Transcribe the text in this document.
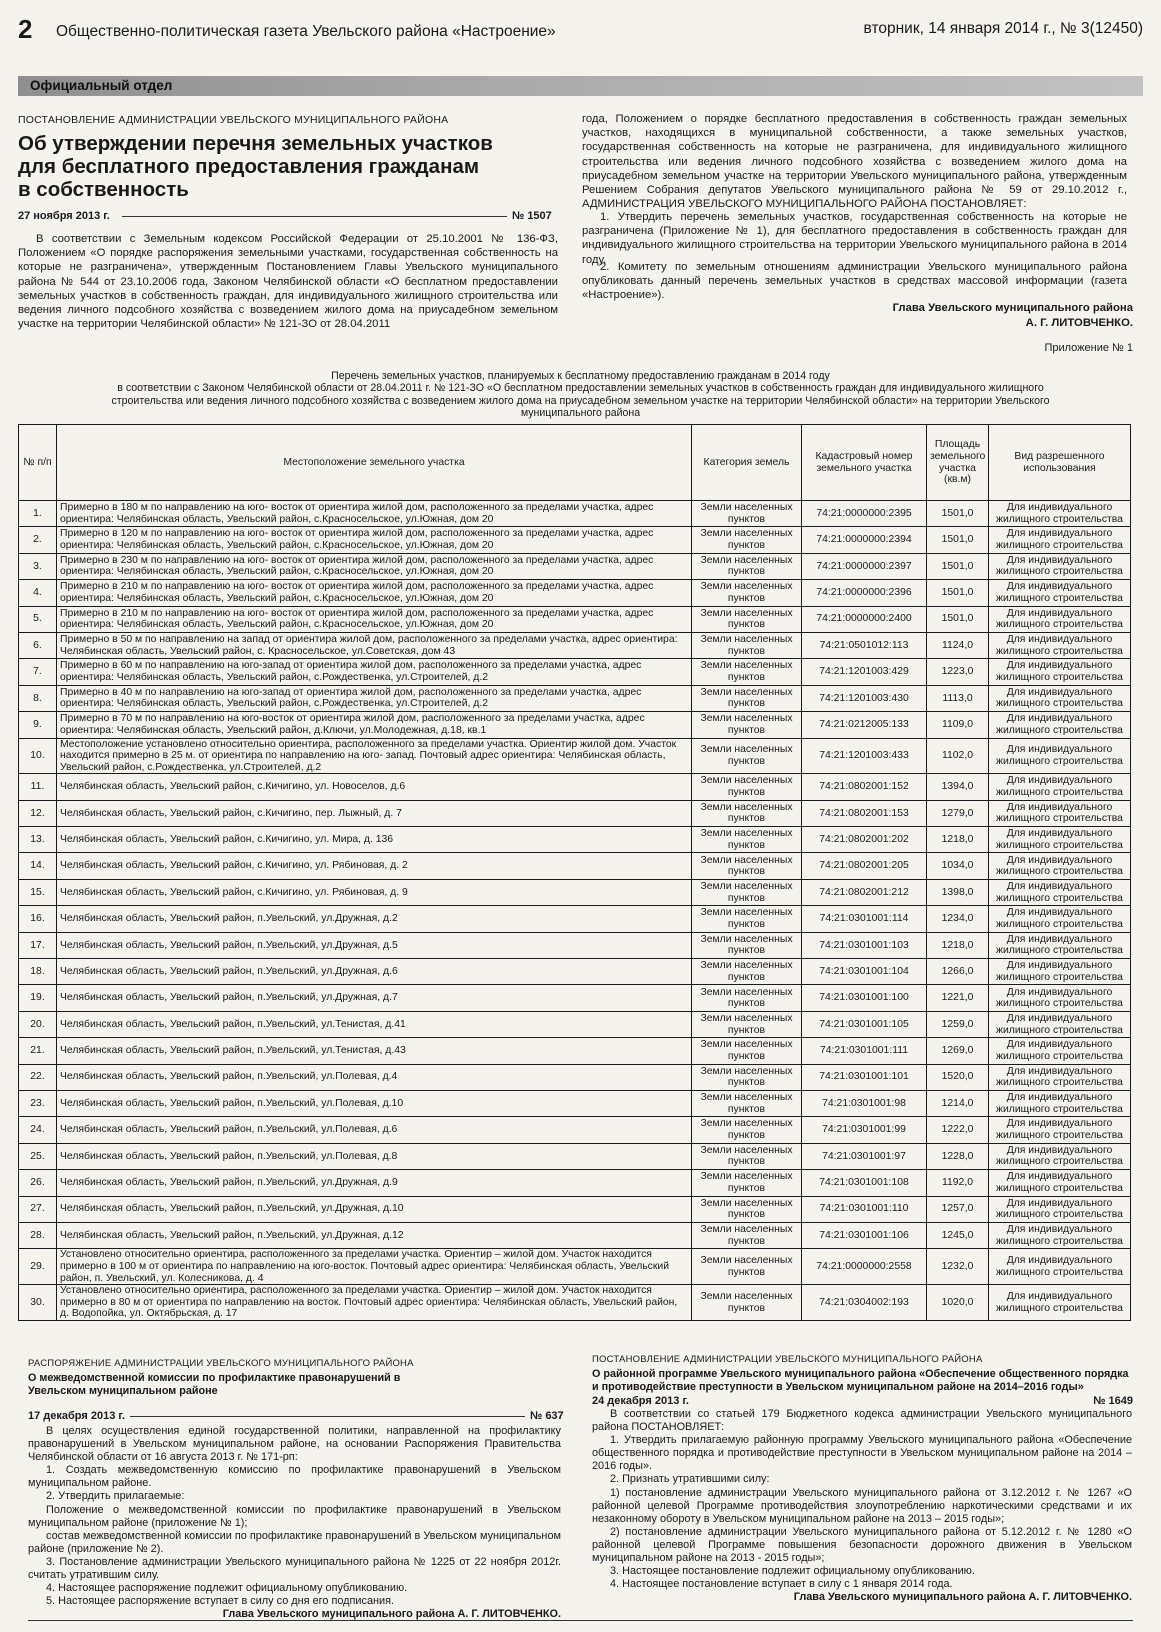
2 Общественно-политическая газета Увельского района «Настроение»	вторник, 14 января 2014 г., № 3(12450)
Официальный отдел
ПОСТАНОВЛЕНИЕ АДМИНИСТРАЦИИ УВЕЛЬСКОГО МУНИЦИПАЛЬНОГО РАЙОНА
Об утверждении перечня земельных участков
для бесплатного предоставления гражданам
в собственность
27 ноября 2013 г.	№ 1507
В соответствии с Земельным кодексом Российской Федерации от 25.10.2001 № 136-ФЗ, Положением «О порядке распоряжения земельными участками, государственная собственность на которые не разграничена», утвержденным Постановлением Главы Увельского муниципального района № 544 от 23.10.2006 года, Законом Челябинской области «О бесплатном предоставлении земельных участков в собственность граждан, для индивидуального жилищного строительства или ведения личного подсобного хозяйства с возведением жилого дома на приусадебном земельном участке на территории Челябинской области» № 121-ЗО от 28.04.2011
года, Положением о порядке бесплатного предоставления в собственность граждан земельных участков, находящихся в муниципальной собственности, а также земельных участков, государственная собственность на которые не разграничена, для индивидуального жилищного строительства или ведения личного подсобного хозяйства с возведением жилого дома на приусадебном земельном участке на территории Увельского муниципального района, утвержденным Решением Собрания депутатов Увельского муниципального района № 59 от 29.10.2012 г., АДМИНИСТРАЦИЯ УВЕЛЬСКОГО МУНИЦИПАЛЬНОГО РАЙОНА ПОСТАНОВЛЯЕТ:
1. Утвердить перечень земельных участков, государственная собственность на которые не разграничена (Приложение № 1), для бесплатного предоставления в собственность граждан для индивидуального жилищного строительства на территории Увельского муниципального района в 2014 году.
2. Комитету по земельным отношениям администрации Увельского муниципального района опубликовать данный перечень земельных участков в средствах массовой информации (газета «Настроение»).
Глава Увельского муниципального района
А. Г. ЛИТОВЧЕНКО.
Приложение № 1
Перечень земельных участков, планируемых к бесплатному предоставлению гражданам в 2014 году
в соответствии с Законом Челябинской области от 28.04.2011 г. № 121-ЗО «О бесплатном предоставлении земельных участков в собственность граждан для индивидуального жилищного
строительства или ведения личного подсобного хозяйства с возведением жилого дома на приусадебном земельном участке на территории Челябинской области» на территории Увельского
муниципального района
№ п/п	Местоположение земельного участка	Категория земель	Кадастровый номер земельного участка	Площадь земельного участка (кв.м)	Вид разрешенного использования
1.	Примерно в 180 м по направлению на юго- восток от ориентира жилой дом, расположенного за пределами участка, адрес ориентира: Челябинская область, Увельский район, с.Красносельское, ул.Южная, дом 20	Земли населенных пунктов	74:21:0000000:2395	1501,0	Для индивидуального жилищного строительства
2.	Примерно в 120 м по направлению на юго- восток от ориентира жилой дом, расположенного за пределами участка, адрес ориентира: Челябинская область, Увельский район, с.Красносельское, ул.Южная, дом 20	Земли населенных пунктов	74:21:0000000:2394	1501,0	Для индивидуального жилищного строительства
3.	Примерно в 230 м по направлению на юго- восток от ориентира жилой дом, расположенного за пределами участка, адрес ориентира: Челябинская область, Увельский район, с.Красносельское, ул.Южная, дом 20	Земли населенных пунктов	74:21:0000000:2397	1501,0	Для индивидуального жилищного строительства
4.	Примерно в 210 м по направлению на юго- восток от ориентира жилой дом, расположенного за пределами участка, адрес ориентира: Челябинская область, Увельский район, с.Красносельское, ул.Южная, дом 20	Земли населенных пунктов	74:21:0000000:2396	1501,0	Для индивидуального жилищного строительства
5.	Примерно в 210 м по направлению на юго- восток от ориентира жилой дом, расположенного за пределами участка, адрес ориентира: Челябинская область, Увельский район, с.Красносельское, ул.Южная, дом 20	Земли населенных пунктов	74:21:0000000:2400	1501,0	Для индивидуального жилищного строительства
6.	Примерно в 50 м по направлению на запад от ориентира жилой дом, расположенного за пределами участка, адрес ориентира: Челябинская область, Увельский район, с. Красносельское, ул.Советская, дом 43	Земли населенных пунктов	74:21:0501012:113	1124,0	Для индивидуального жилищного строительства
7.	Примерно в 60 м по направлению на юго-запад от ориентира жилой дом, расположенного за пределами участка, адрес ориентира: Челябинская область, Увельский район, с.Рождественка, ул.Строителей, д.2	Земли населенных пунктов	74:21:1201003:429	1223,0	Для индивидуального жилищного строительства
8.	Примерно в 40 м по направлению на юго-запад от ориентира жилой дом, расположенного за пределами участка, адрес ориентира: Челябинская область, Увельский район, с.Рождественка, ул.Строителей, д.2	Земли населенных пунктов	74:21:1201003:430	1113,0	Для индивидуального жилищного строительства
9.	Примерно в 70 м по направлению на юго-восток от ориентира жилой дом, расположенного за пределами участка, адрес ориентира: Челябинская область, Увельский район, д.Ключи, ул.Молодежная, д.18, кв.1	Земли населенных пунктов	74:21:0212005:133	1109,0	Для индивидуального жилищного строительства
10.	Местоположение установлено относительно ориентира, расположенного за пределами участка. Ориентир жилой дом. Участок находится примерно в 25 м. от ориентира по направлению на юго- запад. Почтовый адрес ориентира: Челябинская область, Увельский район, с.Рождественка, ул.Строителей, д.2	Земли населенных пунктов	74:21:1201003:433	1102,0	Для индивидуального жилищного строительства
11.	Челябинская область, Увельский район, с.Кичигино, ул. Новоселов, д.6	Земли населенных пунктов	74:21:0802001:152	1394,0	Для индивидуального жилищного строительства
12.	Челябинская область, Увельский район, с.Кичигино, пер. Лыжный, д. 7	Земли населенных пунктов	74:21:0802001:153	1279,0	Для индивидуального жилищного строительства
13.	Челябинская область, Увельский район, с.Кичигино, ул. Мира, д. 136	Земли населенных пунктов	74:21:0802001:202	1218,0	Для индивидуального жилищного строительства
14.	Челябинская область, Увельский район, с.Кичигино, ул. Рябиновая, д. 2	Земли населенных пунктов	74:21:0802001:205	1034,0	Для индивидуального жилищного строительства
15.	Челябинская область, Увельский район, с.Кичигино, ул. Рябиновая, д. 9	Земли населенных пунктов	74:21:0802001:212	1398,0	Для индивидуального жилищного строительства
16.	Челябинская область, Увельский район, п.Увельский, ул.Дружная, д.2	Земли населенных пунктов	74:21:0301001:114	1234,0	Для индивидуального жилищного строительства
17.	Челябинская область, Увельский район, п.Увельский, ул.Дружная, д.5	Земли населенных пунктов	74:21:0301001:103	1218,0	Для индивидуального жилищного строительства
18.	Челябинская область, Увельский район, п.Увельский, ул.Дружная, д.6	Земли населенных пунктов	74:21:0301001:104	1266,0	Для индивидуального жилищного строительства
19.	Челябинская область, Увельский район, п.Увельский, ул.Дружная, д.7	Земли населенных пунктов	74:21:0301001:100	1221,0	Для индивидуального жилищного строительства
20.	Челябинская область, Увельский район, п.Увельский, ул.Тенистая, д.41	Земли населенных пунктов	74:21:0301001:105	1259,0	Для индивидуального жилищного строительства
21.	Челябинская область, Увельский район, п.Увельский, ул.Тенистая, д.43	Земли населенных пунктов	74:21:0301001:111	1269,0	Для индивидуального жилищного строительства
22.	Челябинская область, Увельский район, п.Увельский, ул.Полевая, д.4	Земли населенных пунктов	74:21:0301001:101	1520,0	Для индивидуального жилищного строительства
23.	Челябинская область, Увельский район, п.Увельский, ул.Полевая, д.10	Земли населенных пунктов	74:21:0301001:98	1214,0	Для индивидуального жилищного строительства
24.	Челябинская область, Увельский район, п.Увельский, ул.Полевая, д.6	Земли населенных пунктов	74:21:0301001:99	1222,0	Для индивидуального жилищного строительства
25.	Челябинская область, Увельский район, п.Увельский, ул.Полевая, д.8	Земли населенных пунктов	74:21:0301001:97	1228,0	Для индивидуального жилищного строительства
26.	Челябинская область, Увельский район, п.Увельский, ул.Дружная, д.9	Земли населенных пунктов	74:21:0301001:108	1192,0	Для индивидуального жилищного строительства
27.	Челябинская область, Увельский район, п.Увельский, ул.Дружная, д.10	Земли населенных пунктов	74:21:0301001:110	1257,0	Для индивидуального жилищного строительства
28.	Челябинская область, Увельский район, п.Увельский, ул.Дружная, д.12	Земли населенных пунктов	74:21:0301001:106	1245,0	Для индивидуального жилищного строительства
29.	Установлено относительно ориентира, расположенного за пределами участка. Ориентир – жилой дом. Участок находится примерно в 100 м от ориентира по направлению на юго-восток. Почтовый адрес ориентира: Челябинская область, Увельский район, п. Увельский, ул. Колесникова, д. 4	Земли населенных пунктов	74:21:0000000:2558	1232,0	Для индивидуального жилищного строительства
30.	Установлено относительно ориентира, расположенного за пределами участка. Ориентир – жилой дом. Участок находится примерно в 80 м от ориентира по направлению на восток. Почтовый адрес ориентира: Челябинская область, Увельский район, д. Водопойка, ул. Октябрьская, д. 17	Земли населенных пунктов	74:21:0304002:193	1020,0	Для индивидуального жилищного строительства
РАСПОРЯЖЕНИЕ АДМИНИСТРАЦИИ УВЕЛЬСКОГО МУНИЦИПАЛЬНОГО РАЙОНА
О межведомственной комиссии по профилактике правонарушений в Увельском муниципальном районе
17 декабря 2013 г.	№ 637
В целях осуществления единой государственной политики, направленной на профилактику правонарушений в Увельском муниципальном районе, на основании Распоряжения Правительства Челябинской области от 16 августа 2013 г. № 171-рп:
1. Создать межведомственную комиссию по профилактике правонарушений в Увельском муниципальном районе.
2. Утвердить прилагаемые:
Положение о межведомственной комиссии по профилактике правонарушений в Увельском муниципальном районе (приложение № 1);
состав межведомственной комиссии по профилактике правонарушений в Увельском муниципальном районе (приложение № 2).
3. Постановление администрации Увельского муниципального района № 1225 от 22 ноября 2012г. считать утратившим силу.
4. Настоящее распоряжение подлежит официальному опубликованию.
5. Настоящее распоряжение вступает в силу со дня его подписания.
Глава Увельского муниципального района А. Г. ЛИТОВЧЕНКО.
ПОСТАНОВЛЕНИЕ АДМИНИСТРАЦИИ УВЕЛЬСКОГО МУНИЦИПАЛЬНОГО РАЙОНА
О районной программе Увельского муниципального района «Обеспечение общественного порядка и противодействие преступности в Увельском муниципальном районе на 2014–2016 годы»
24 декабря 2013 г.	№ 1649
В соответствии со статьей 179 Бюджетного кодекса администрации Увельского муниципального района ПОСТАНОВЛЯЕТ:
1. Утвердить прилагаемую районную программу Увельского муниципального района «Обеспечение общественного порядка и противодействие преступности в Увельском муниципальном районе на 2014 – 2016 годы».
2. Признать утратившими силу:
1) постановление администрации Увельского муниципального района от 3.12.2012 г. № 1267 «О районной целевой Программе противодействия злоупотреблению наркотическими средствами и их незаконному обороту в Увельском муниципальном районе на 2013 – 2015 годы»;
2) постановление администрации Увельского муниципального района от 5.12.2012 г. № 1280 «О районной целевой Программе повышения безопасности дорожного движения в Увельском муниципальном районе на 2013 - 2015 годы»;
3. Настоящее постановление подлежит официальному опубликованию.
4. Настоящее постановление вступает в силу с 1 января 2014 года.
Глава Увельского муниципального района А. Г. ЛИТОВЧЕНКО.
